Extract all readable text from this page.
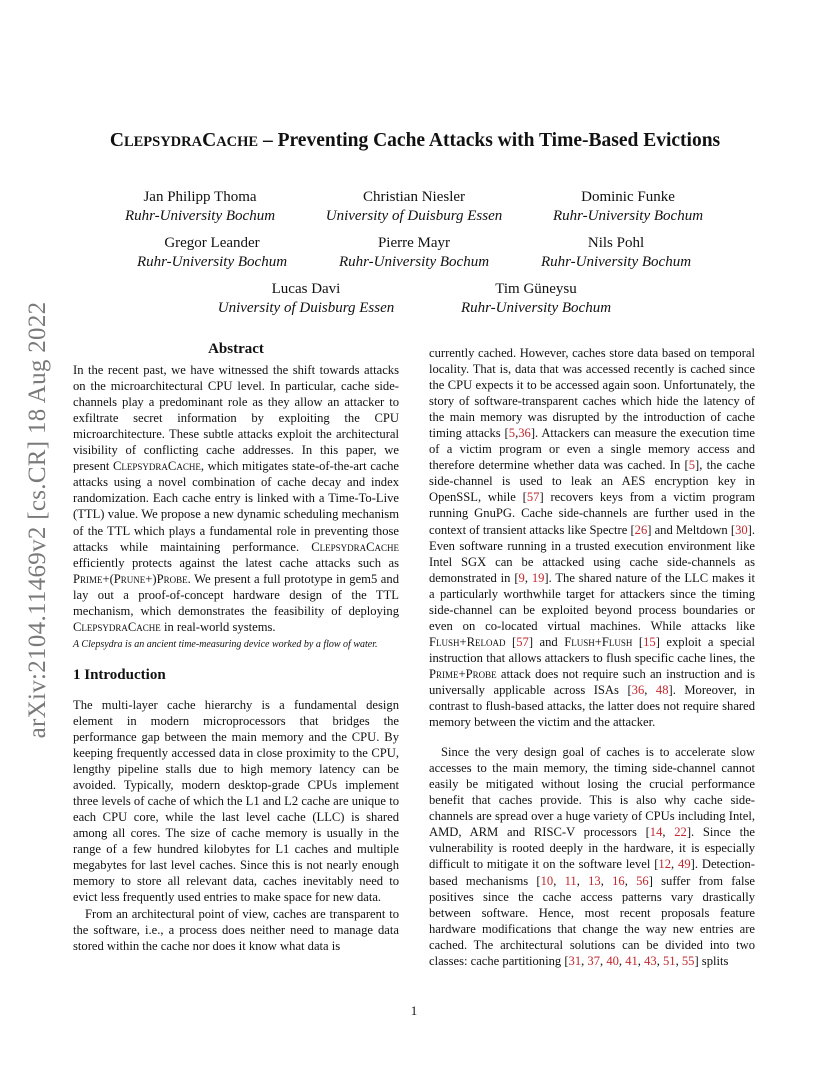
arXiv:2104.11469v2 [cs.CR] 18 Aug 2022
CLEPSYDRACACHE – Preventing Cache Attacks with Time-Based Evictions
Jan Philipp Thoma
Ruhr-University Bochum
Christian Niesler
University of Duisburg Essen
Dominic Funke
Ruhr-University Bochum
Gregor Leander
Ruhr-University Bochum
Pierre Mayr
Ruhr-University Bochum
Nils Pohl
Ruhr-University Bochum
Lucas Davi
University of Duisburg Essen
Tim Güneysu
Ruhr-University Bochum
Abstract

In the recent past, we have witnessed the shift towards attacks on the microarchitectural CPU level. In particular, cache side-channels play a predominant role as they allow an attacker to exfiltrate secret information by exploiting the CPU microarchitecture. These subtle attacks exploit the architectural visibility of conflicting cache addresses. In this paper, we present ClepsydraCache, which mitigates state-of-the-art cache attacks using a novel combination of cache decay and index randomization. Each cache entry is linked with a Time-To-Live (TTL) value. We propose a new dynamic scheduling mechanism of the TTL which plays a fundamental role in preventing those attacks while maintaining performance. ClepsydraCache efficiently protects against the latest cache attacks such as Prime+(Prune+)Probe. We present a full prototype in gem5 and lay out a proof-of-concept hardware design of the TTL mechanism, which demonstrates the feasibility of deploying ClepsydraCache in real-world systems.

A Clepsydra is an ancient time-measuring device worked by a flow of water.

1 Introduction

The multi-layer cache hierarchy is a fundamental design element in modern microprocessors that bridges the performance gap between the main memory and the CPU. By keeping frequently accessed data in close proximity to the CPU, lengthy pipeline stalls due to high memory latency can be avoided. Typically, modern desktop-grade CPUs implement three levels of cache of which the L1 and L2 cache are unique to each CPU core, while the last level cache (LLC) is shared among all cores. The size of cache memory is usually in the range of a few hundred kilobytes for L1 caches and multiple megabytes for last level caches. Since this is not nearly enough memory to store all relevant data, caches inevitably need to evict less frequently used entries to make space for new data.

From an architectural point of view, caches are transparent to the software, i.e., a process does neither need to manage data stored within the cache nor does it know what data is

currently cached. However, caches store data based on temporal locality. That is, data that was accessed recently is cached since the CPU expects it to be accessed again soon. Unfortunately, the story of software-transparent caches which hide the latency of the main memory was disrupted by the introduction of cache timing attacks [5,36]. Attackers can measure the execution time of a victim program or even a single memory access and therefore determine whether data was cached. In [5], the cache side-channel is used to leak an AES encryption key in OpenSSL, while [57] recovers keys from a victim program running GnuPG. Cache side-channels are further used in the context of transient attacks like Spectre [26] and Meltdown [30]. Even software running in a trusted execution environment like Intel SGX can be attacked using cache side-channels as demonstrated in [9, 19]. The shared nature of the LLC makes it a particularly worthwhile target for attackers since the timing side-channel can be exploited beyond process boundaries or even on co-located virtual machines. While attacks like Flush+Reload [57] and Flush+Flush [15] exploit a special instruction that allows attackers to flush specific cache lines, the Prime+Probe attack does not require such an instruction and is universally applicable across ISAs [36, 48]. Moreover, in contrast to flush-based attacks, the latter does not require shared memory between the victim and the attacker.

Since the very design goal of caches is to accelerate slow accesses to the main memory, the timing side-channel cannot easily be mitigated without losing the crucial performance benefit that caches provide. This is also why cache side-channels are spread over a huge variety of CPUs including Intel, AMD, ARM and RISC-V processors [14, 22]. Since the vulnerability is rooted deeply in the hardware, it is especially difficult to mitigate it on the software level [12, 49]. Detection-based mechanisms [10, 11, 13, 16, 56] suffer from false positives since the cache access patterns vary drastically between software. Hence, most recent proposals feature hardware modifications that change the way new entries are cached. The architectural solutions can be divided into two classes: cache partitioning [31, 37, 40, 41, 43, 51, 55] splits

1
